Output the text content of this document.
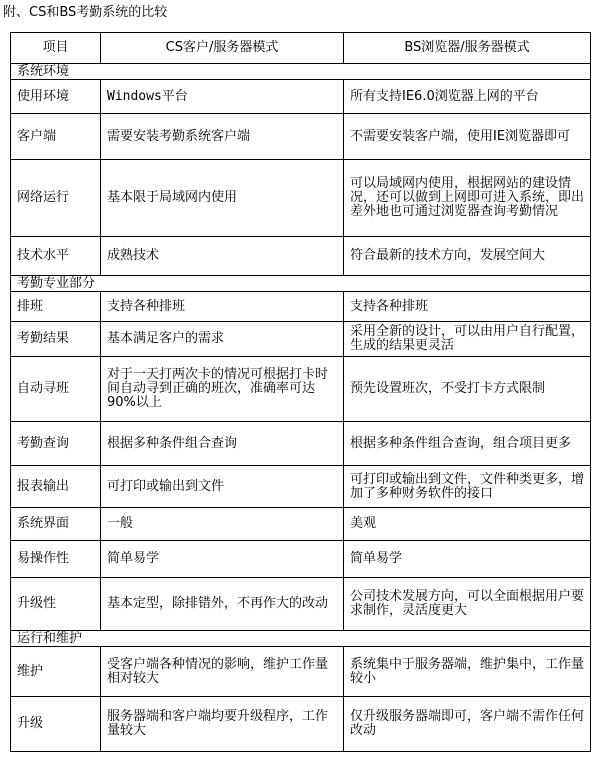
附、CS和BS考勤系统的比较
项目	CS客户/服务器模式	BS浏览器/服务器模式
系统环境		
使用环境	Windows平台	所有支持IE6.0浏览器上网的平台
客户端	需要安装考勤系统客户端	不需要安装客户端，使用IE浏览器即可
网络运行	基本限于局域网内使用	可以局域网内使用，根据网站的建设情况，还可以做到上网即可进入系统，即出差外地也可通过浏览器查询考勤情况
技术水平	成熟技术	符合最新的技术方向，发展空间大
考勤专业部分		
排班	支持各种排班	支持各种排班
考勤结果	基本满足客户的需求	采用全新的设计，可以由用户自行配置，生成的结果更灵活
自动寻班	对于一天打两次卡的情况可根据打卡时间自动寻到正确的班次，准确率可达90%以上	预先设置班次，不受打卡方式限制
考勤查询	根据多种条件组合查询	根据多种条件组合查询，组合项目更多
报表输出	可打印或输出到文件	可打印或输出到文件，文件种类更多，增加了多种财务软件的接口
系统界面	一般	美观
易操作性	简单易学	简单易学
升级性	基本定型，除排错外，不再作大的改动	公司技术发展方向，可以全面根据用户要求制作，灵活度更大
运行和维护		
维护	受客户端各种情况的影响，维护工作量相对较大	系统集中于服务器端，维护集中，工作量较小
升级	服务器端和客户端均要升级程序，工作量较大	仅升级服务器端即可，客户端不需作任何改动
